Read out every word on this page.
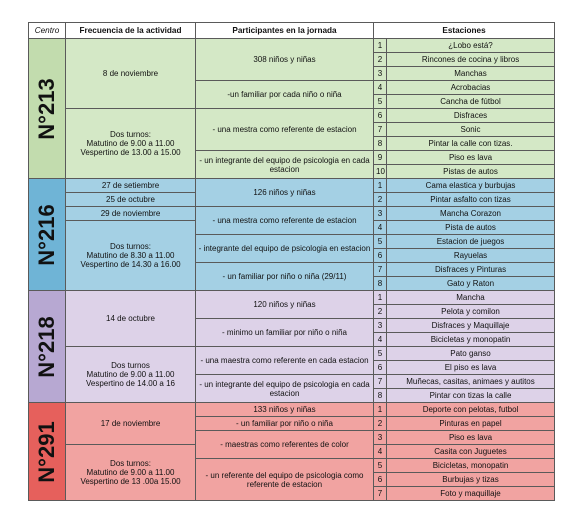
Centro	Frecuencia de la actividad	Participantes en la jornada	Estaciones	

N°213	8 de noviembre	308 niños y niñas	1	¿Lobo está?
			2	Rincones de cocina y libros
			3	Manchas
		-un familiar por cada niño o niña	4	Acrobacias
			5	Cancha de fútbol
	Dos turnos:
Matutino de 9.00 a 11.00
Vespertino de 13.00 a 15.00	- una mestra como referente de estacion	6	Disfraces
			7	Sonic
			8	Pintar la calle con tizas.
		- un integrante del equipo de psicologia en cada estacion	9	Piso es lava
			10	Pistas de autos

N°216	27 de setiembre	126 niños y niñas	1	Cama elastica y burbujas
	25 de octubre		2	Pintar asfalto con tizas
	29 de noviembre	- una mestra como referente de estacion	3	Mancha Corazon
	Dos turnos:
Matutino de 8.30 a 11.00
Vespertino de 14.30 a 16.00		4	Pista de autos
		- integrante del equipo de psicologia en estacion	5	Estacion de juegos
			6	Rayuelas
		- un familiar por niño o niña (29/11)	7	Disfraces y Pinturas
			8	Gato y Raton

N°218	14 de octubre	120 niños y niñas	1	Mancha
			2	Pelota y comilon
		- minimo un familiar por niño o niña	3	Disfraces y Maquillaje
			4	Bicicletas y monopatin
	Dos turnos
Matutino de 9.00 a 11.00
Vespertino de 14.00 a 16	- una maestra como referente en cada estacion	5	Pato ganso
			6	El piso es lava
		- un integrante del equipo de psicologia en cada estacion	7	Muñecas, casitas, animaes y autitos
			8	Pintar con tizas la calle

N°291	17 de noviembre	133 niños y niñas	1	Deporte con pelotas, futbol
		- un familiar por niño o niña	2	Pinturas en papel
		- maestras como referentes de color	3	Piso es lava
	Dos turnos:
Matutino de 9.00 a 11.00
Vespertino de 13 .00a 15.00		4	Casita con Juguetes
		- un referente del equipo de psicologia como referente de estacion	5	Bicicletas, monopatin
			6	Burbujas y tizas
			7	Foto y maquillaje
